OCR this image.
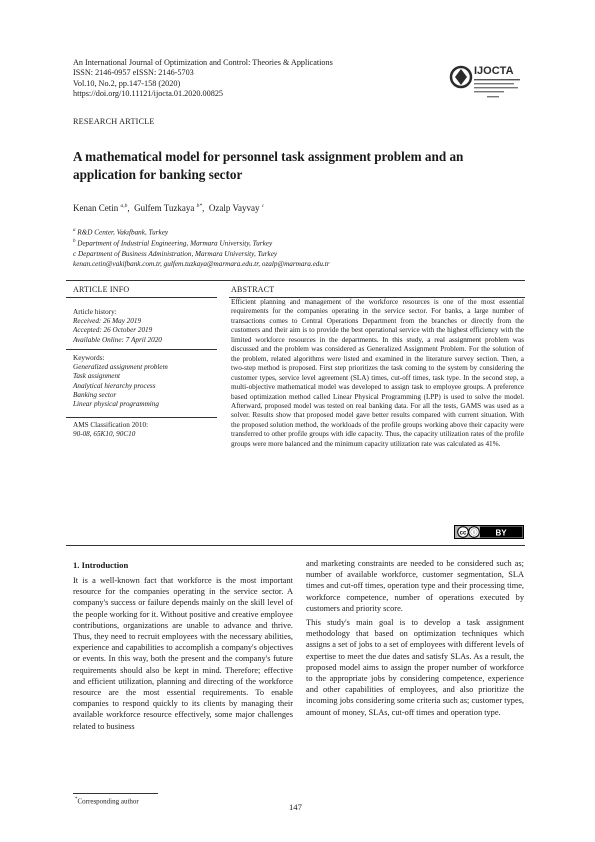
An International Journal of Optimization and Control: Theories & Applications
ISSN: 2146-0957 eISSN: 2146-5703
Vol.10, No.2, pp.147-158 (2020)
https://doi.org/10.11121/ijocta.01.2020.00825
IJOCTA
RESEARCH ARTICLE
A mathematical model for personnel task assignment problem and an
application for banking sector
Kenan Cetin $^{a,b}$,  Gulfem Tuzkaya $^{b*}$,  Ozalp Vayvay $^c$
$^a$ R&D Center, Vakıfbank, Turkey
$^b$ Department of Industrial Engineering, Marmara University, Turkey
c Department of Business Administration, Marmara University, Turkey
kenan.cetin@vakifbank.com.tr, gulfem.tuzkaya@marmara.edu.tr, ozalp@marmara.edu.tr
ARTICLE INFO
Article history:
Received: 26 May 2019
Accepted: 26 October 2019
Available Online: 7 April 2020
Keywords:
Generalized assignment problem
Task assignment
Analytical hierarchy process
Banking sector
Linear physical programming
AMS Classification 2010:
90-08, 65K10, 90C10
ABSTRACT
Efficient planning and management of the workforce resources is one of the most essential requirements for the companies operating in the service sector. For banks, a large number of transactions comes to Central Operations Department from the branches or directly from the customers and their aim is to provide the best operational service with the highest efficiency with the limited workforce resources in the departments. In this study, a real assignment problem was discussed and the problem was considered as Generalized Assignment Problem. For the solution of the problem, related algorithms were listed and examined in the literature survey section. Then, a two-step method is proposed. First step prioritizes the task coming to the system by considering the customer types, service level agreement (SLA) times, cut-off times, task type. In the second step, a multi-objective mathematical model was developed to assign task to employee groups. A preference based optimization method called Linear Physical Programming (LPP) is used to solve the model. Afterward, proposed model was tested on real banking data. For all the tests, GAMS was used as a solver. Results show that proposed model gave better results compared with current situation. With the proposed solution method, the workloads of the profile groups working above their capacity were transferred to other profile groups with idle capacity. Thus, the capacity utilization rates of the profile groups were more balanced and the minimum capacity utilization rate was calculated as 41%.
cc ⓘ BY
1. Introduction

It is a well-known fact that workforce is the most important resource for the companies operating in the service sector. A company's success or failure depends mainly on the skill level of the people working for it. Without positive and creative employee contributions, organizations are unable to advance and thrive. Thus, they need to recruit employees with the necessary abilities, experience and capabilities to accomplish a company's objectives or events. In this way, both the present and the company's future requirements should also be kept in mind. Therefore; effective and efficient utilization, planning and directing of the workforce resource are the most essential requirements. To enable companies to respond quickly to its clients by managing their available workforce resource effectively, some major challenges related to business

and marketing constraints are needed to be considered such as; number of available workforce, customer segmentation, SLA times and cut-off times, operation type and their processing time, workforce competence, number of operations executed by customers and priority score.

This study's main goal is to develop a task assignment methodology that based on optimization techniques which assigns a set of jobs to a set of employees with different levels of expertise to meet the due dates and satisfy SLAs. As a result, the proposed model aims to assign the proper number of workforce to the appropriate jobs by considering competence, experience and other capabilities of employees, and also prioritize the incoming jobs considering some criteria such as; customer types, amount of money, SLAs, cut-off times and operation type.

*Corresponding author
147
